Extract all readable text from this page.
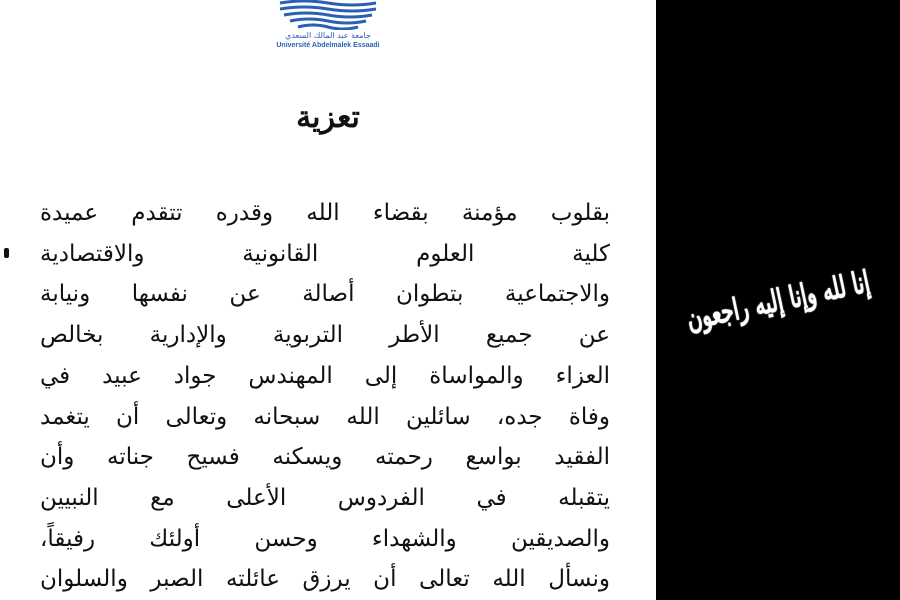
جامعة عبد المالك السعدي
Université Abdelmalek Essaadi
تعزية
بقلوب مؤمنة بقضاء الله وقدره تتقدم عميدة
كلية العلوم القانونية والاقتصادية
والاجتماعية بتطوان أصالة عن نفسها ونيابة
عن جميع الأطر التربوية والإدارية بخالص
العزاء والمواساة إلى المهندس جواد عبيد في
وفاة جده، سائلين الله سبحانه وتعالى أن يتغمد
الفقيد بواسع رحمته ويسكنه فسيح جناته وأن
يتقبله في الفردوس الأعلى مع النبيين
والصديقين والشهداء وحسن أولئك رفيقاً،
ونسأل الله تعالى أن يرزق عائلته الصبر والسلوان
إنا لله وإنا إليه راجعون
